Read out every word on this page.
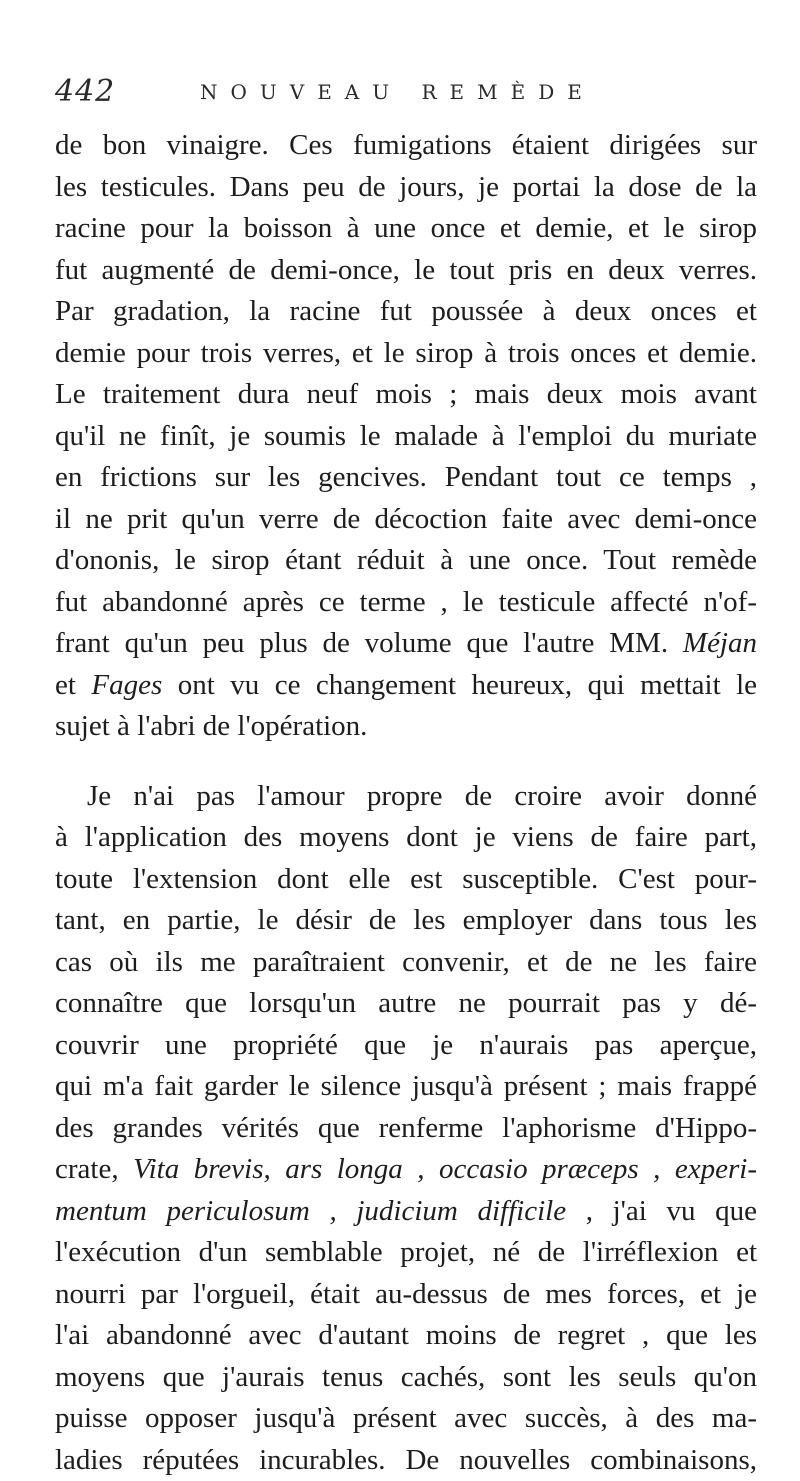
442	NOUVEAU REMÈDE
de bon vinaigre. Ces fumigations étaient dirigées sur
les testicules. Dans peu de jours, je portai la dose de la
racine pour la boisson à une once et demie, et le sirop
fut augmenté de demi-once, le tout pris en deux verres.
Par gradation, la racine fut poussée à deux onces et
demie pour trois verres, et le sirop à trois onces et demie.
Le traitement dura neuf mois ; mais deux mois avant
qu'il ne finît, je soumis le malade à l'emploi du muriate
en frictions sur les gencives. Pendant tout ce temps ,
il ne prit qu'un verre de décoction faite avec demi-once
d'ononis, le sirop étant réduit à une once. Tout remède
fut abandonné après ce terme , le testicule affecté n'of-
frant qu'un peu plus de volume que l'autre MM. Méjan
et Fages ont vu ce changement heureux, qui mettait le
sujet à l'abri de l'opération.
Je n'ai pas l'amour propre de croire avoir donné
à l'application des moyens dont je viens de faire part,
toute l'extension dont elle est susceptible. C'est pour-
tant, en partie, le désir de les employer dans tous les
cas où ils me paraîtraient convenir, et de ne les faire
connaître que lorsqu'un autre ne pourrait pas y dé-
couvrir une propriété que je n'aurais pas aperçue,
qui m'a fait garder le silence jusqu'à présent ; mais frappé
des grandes vérités que renferme l'aphorisme d'Hippo-
crate, Vita brevis, ars longa , occasio præceps , experi-
mentum periculosum , judicium difficile , j'ai vu que
l'exécution d'un semblable projet, né de l'irréflexion et
nourri par l'orgueil, était au-dessus de mes forces, et je
l'ai abandonné avec d'autant moins de regret , que les
moyens que j'aurais tenus cachés, sont les seuls qu'on
puisse opposer jusqu'à présent avec succès, à des ma-
ladies réputées incurables. De nouvelles combinaisons,
